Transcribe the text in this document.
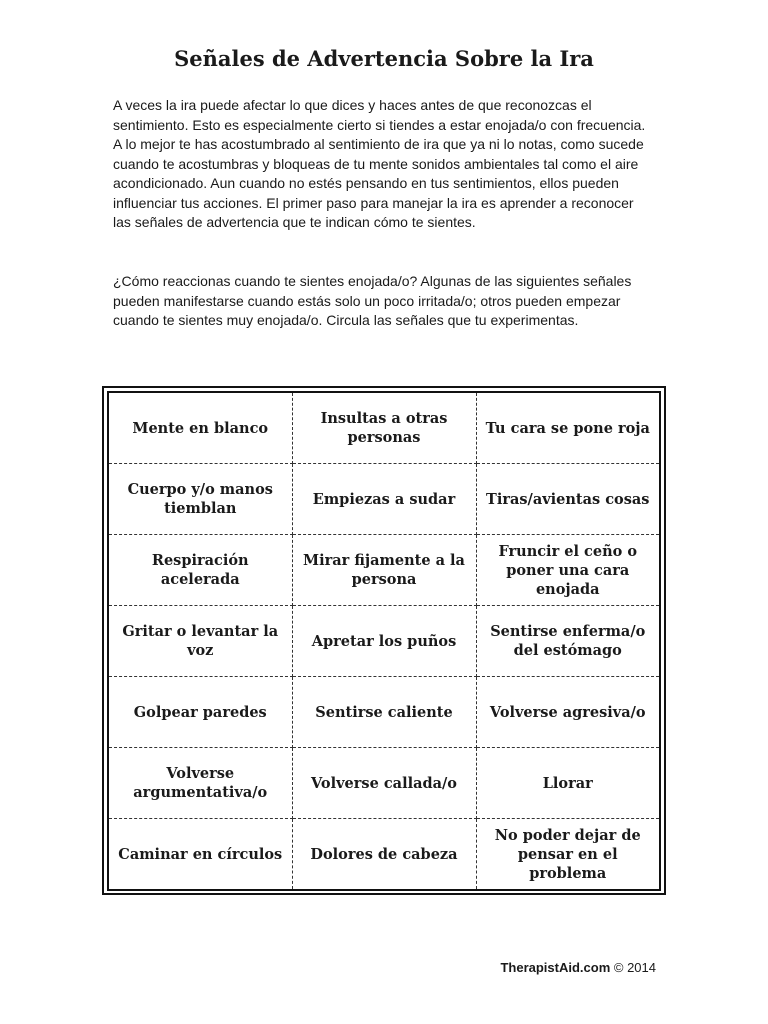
Señales de Advertencia Sobre la Ira

A veces la ira puede afectar lo que dices y haces antes de que reconozcas el sentimiento. Esto es especialmente cierto si tiendes a estar enojada/o con frecuencia. A lo mejor te has acostumbrado al sentimiento de ira que ya ni lo notas, como sucede cuando te acostumbras y bloqueas de tu mente sonidos ambientales tal como el aire acondicionado. Aun cuando no estés pensando en tus sentimientos, ellos pueden influenciar tus acciones. El primer paso para manejar la ira es aprender a reconocer las señales de advertencia que te indican cómo te sientes.

¿Cómo reaccionas cuando te sientes enojada/o? Algunas de las siguientes señales pueden manifestarse cuando estás solo un poco irritada/o; otros pueden empezar cuando te sientes muy enojada/o. Circula las señales que tu experimentas.

Mente en blanco	Insultas a otras personas	Tu cara se pone roja
Cuerpo y/o manos tiemblan	Empiezas a sudar	Tiras/avientas cosas
Respiración acelerada	Mirar fijamente a la persona	Fruncir el ceño o poner una cara enojada
Gritar o levantar la voz	Apretar los puños	Sentirse enferma/o del estómago
Golpear paredes	Sentirse caliente	Volverse agresiva/o
Volverse argumentativa/o	Volverse callada/o	Llorar
Caminar en círculos	Dolores de cabeza	No poder dejar de pensar en el problema
TherapistAid.com © 2014
